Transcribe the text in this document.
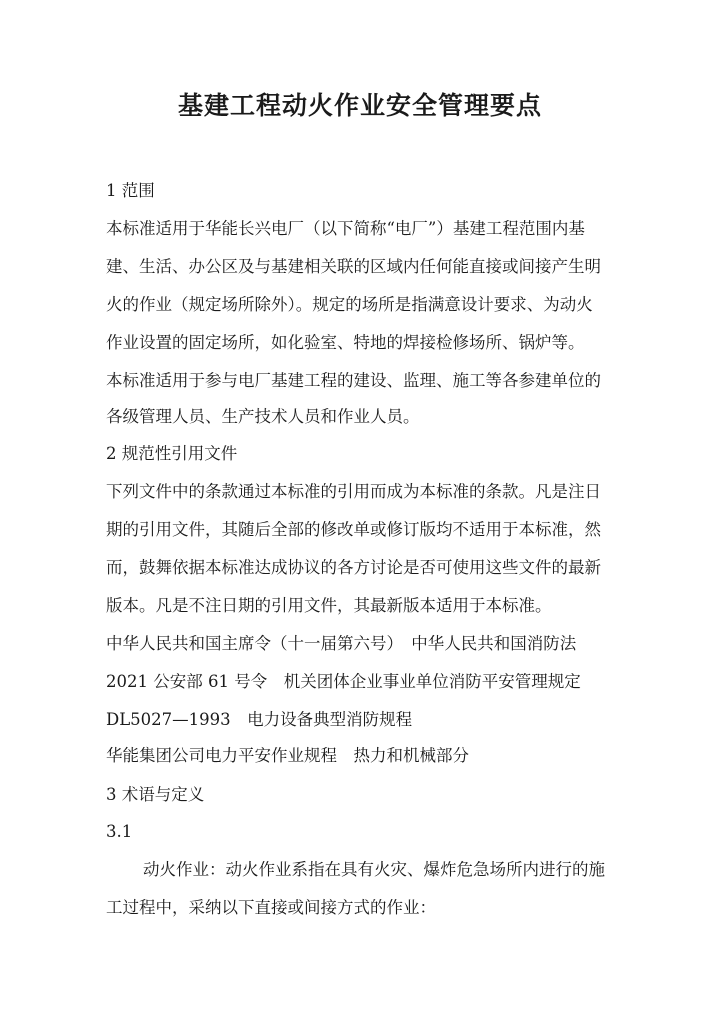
基建工程动火作业安全管理要点
1 范围
本标准适用于华能长兴电厂（以下简称“电厂”）基建工程范围内基
建、生活、办公区及与基建相关联的区域内任何能直接或间接产生明
火的作业（规定场所除外）。规定的场所是指满意设计要求、为动火
作业设置的固定场所，如化验室、特地的焊接检修场所、锅炉等。
本标准适用于参与电厂基建工程的建设、监理、施工等各参建单位的
各级管理人员、生产技术人员和作业人员。
2 规范性引用文件
下列文件中的条款通过本标准的引用而成为本标准的条款。凡是注日
期的引用文件，其随后全部的修改单或修订版均不适用于本标准，然
而，鼓舞依据本标准达成协议的各方讨论是否可使用这些文件的最新
版本。凡是不注日期的引用文件，其最新版本适用于本标准。
中华人民共和国主席令（十一届第六号）　中华人民共和国消防法
2021 公安部 61 号令　机关团体企业事业单位消防平安管理规定
DL5027—1993　电力设备典型消防规程
华能集团公司电力平安作业规程　热力和机械部分
3 术语与定义
3.1
动火作业：动火作业系指在具有火灾、爆炸危急场所内进行的施
工过程中，采纳以下直接或间接方式的作业：
